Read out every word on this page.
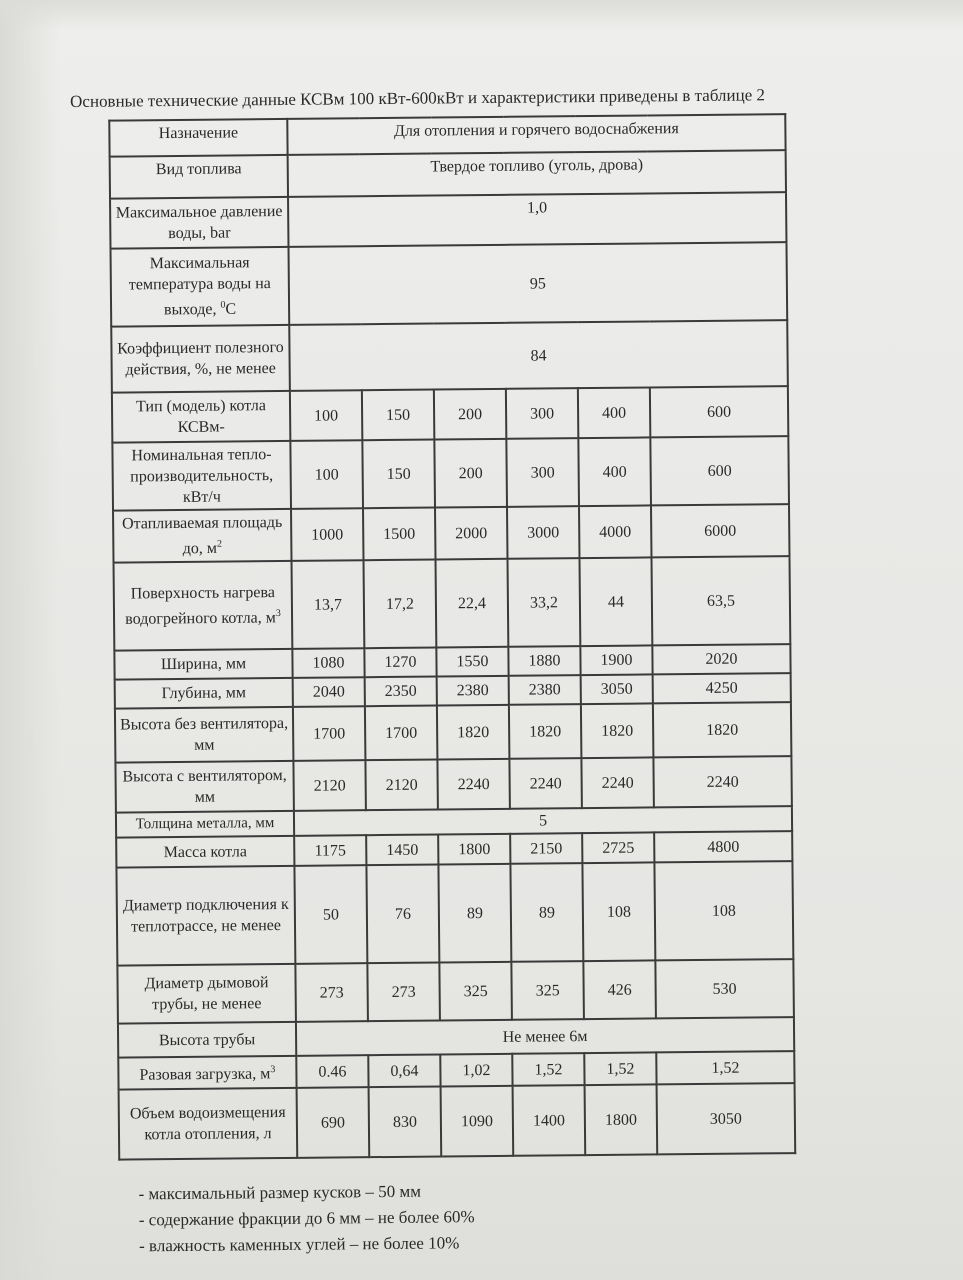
Основные технические данные КСВм 100 кВт-600кВт и характеристики приведены в таблице 2
Назначение	Для отопления и горячего водоснабжения					
Вид топлива	Твердое топливо (уголь, дрова)					
Максимальное давление воды, bar	1,0					
Максимальная температура воды на выходе, $^0$С	95					
Коэффициент полезного действия, %, не менее	84					
Тип (модель) котла КСВм-	100	150	200	300	400	600
Номинальная тепло-производительность, кВт/ч	100	150	200	300	400	600
Отапливаемая площадь до, $м^2$	1000	1500	2000	3000	4000	6000
Поверхность нагрева водогрейного котла, $м^3$	13,7	17,2	22,4	33,2	44	63,5
Ширина, мм	1080	1270	1550	1880	1900	2020
Глубина, мм	2040	2350	2380	2380	3050	4250
Высота без вентилятора, мм	1700	1700	1820	1820	1820	1820
Высота с вентилятором, мм	2120	2120	2240	2240	2240	2240
Толщина металла, мм	5					
Масса котла	1175	1450	1800	2150	2725	4800
Диаметр подключения к теплотрассе, не менее	50	76	89	89	108	108
Диаметр дымовой трубы, не менее	273	273	325	325	426	530
Высота трубы	Не менее 6м					
Разовая загрузка, $м^3$	0.46	0,64	1,02	1,52	1,52	1,52
Объем водоизмещения котла отопления, л	690	830	1090	1400	1800	3050
- максимальный размер кусков – 50 мм
- содержание фракции до 6 мм – не более 60%
- влажность каменных углей – не более 10%
